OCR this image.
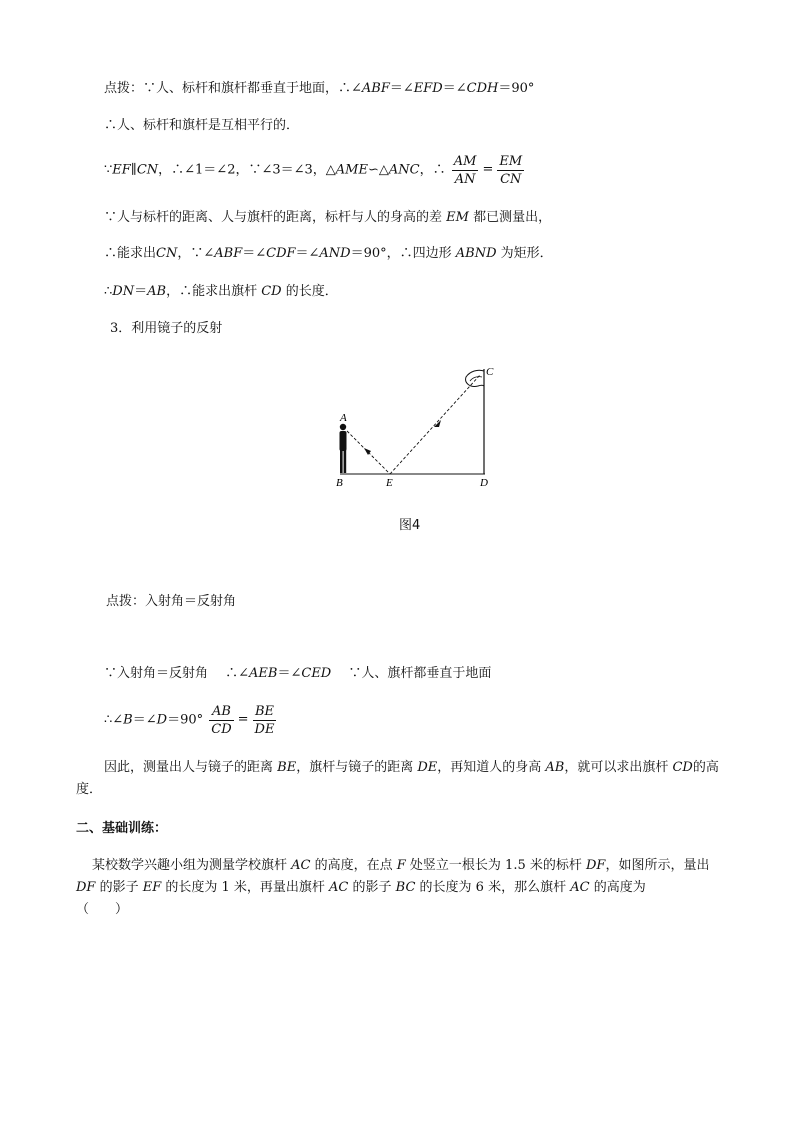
点拨：∵人、标杆和旗杆都垂直于地面，∴∠ABF＝∠EFD＝∠CDH＝90°
∴人、标杆和旗杆是互相平行的．
∵EF∥CN，∴∠1＝∠2，∵∠3＝∠3，△AME∽△ANC，∴ $\frac{AM}{AN} = \frac{EM}{CN}$
∵人与标杆的距离、人与旗杆的距离，标杆与人的身高的差 EM 都已测量出，
∴能求出CN，∵∠ABF＝∠CDF＝∠AND＝90°，∴四边形 ABND 为矩形．
∴DN＝AB，∴能求出旗杆 CD 的长度．
3．利用镜子的反射
A
B	E	D
C
图4
点拨：入射角＝反射角
∵入射角＝反射角　 ∴∠AEB＝∠CED　 ∵人、旗杆都垂直于地面
∴∠B＝∠D＝90° $\frac{AB}{CD} = \frac{BE}{DE}$
因此，测量出人与镜子的距离 BE，旗杆与镜子的距离 DE，再知道人的身高 AB，就可以求出旗杆 CD的高度．
二、基础训练：
某校数学兴趣小组为测量学校旗杆 AC 的高度，在点 F 处竖立一根长为 1.5 米的标杆 DF，如图所示，量出 DF 的影子 EF 的长度为 1 米，再量出旗杆 AC 的影子 BC 的长度为 6 米，那么旗杆 AC 的高度为
（　　）
